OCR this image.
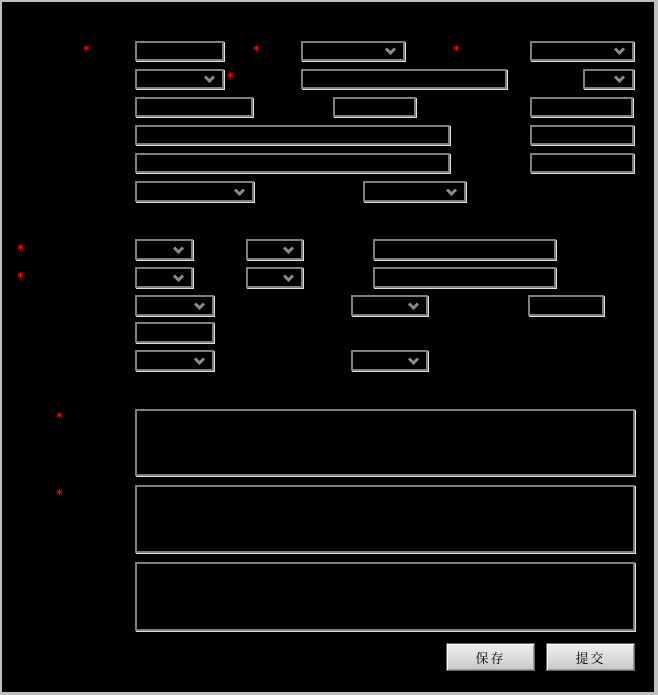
*	*	*
*
*
*
*
*
保存	提交
